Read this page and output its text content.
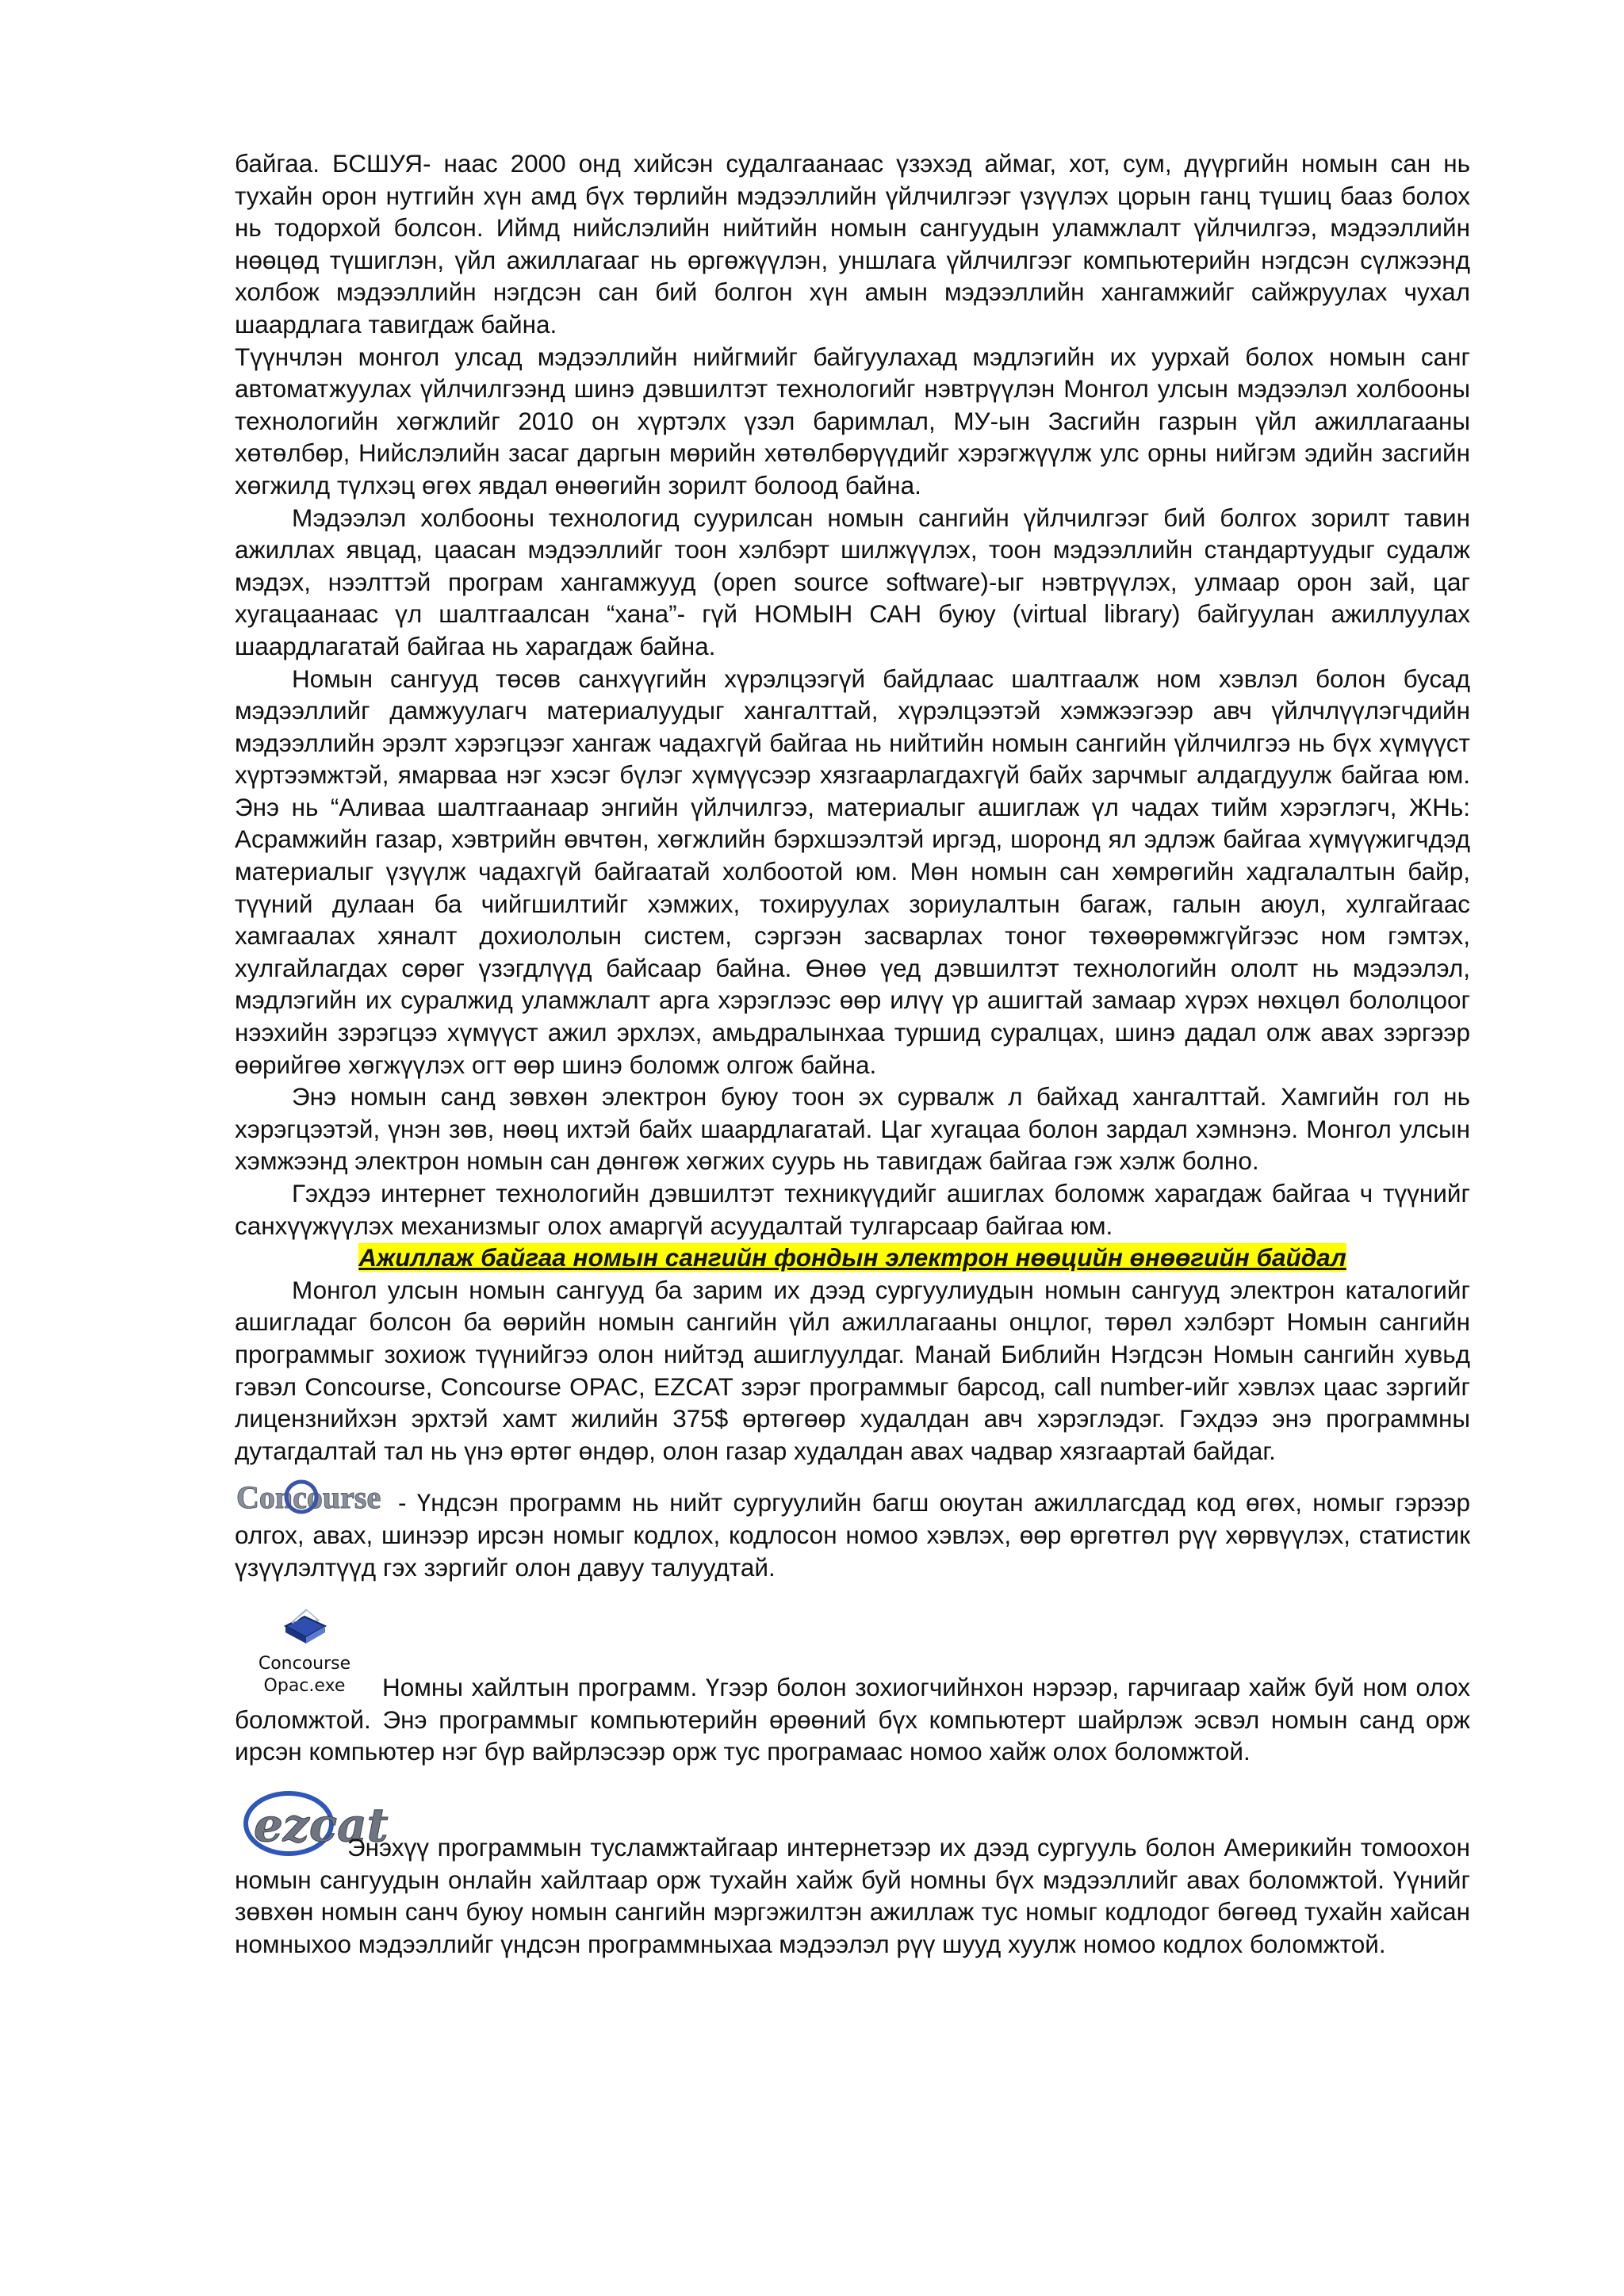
байгаа. БСШУЯ- наас 2000 онд хийсэн судалгаанаас үзэхэд аймаг, хот, сум, дүүргийн номын сан нь тухайн орон нутгийн хүн амд бүх төрлийн мэдээллийн үйлчилгээг үзүүлэх цорын ганц түшиц бааз болох нь тодорхой болсон. Иймд нийслэлийн нийтийн номын сангуудын уламжлалт үйлчилгээ, мэдээллийн нөөцөд түшиглэн, үйл ажиллагааг нь өргөжүүлэн, уншлага үйлчилгээг компьютерийн нэгдсэн сүлжээнд холбож мэдээллийн нэгдсэн сан бий болгон хүн амын мэдээллийн хангамжийг сайжруулах чухал шаардлага тавигдаж байна.

Түүнчлэн монгол улсад мэдээллийн нийгмийг байгуулахад мэдлэгийн их уурхай болох номын санг автоматжуулах үйлчилгээнд шинэ дэвшилтэт технологийг нэвтрүүлэн Монгол улсын мэдээлэл холбооны технологийн хөгжлийг 2010 он хүртэлх үзэл баримлал, МУ-ын Засгийн газрын үйл ажиллагааны хөтөлбөр, Нийслэлийн засаг даргын мөрийн хөтөлбөрүүдийг хэрэгжүүлж улс орны нийгэм эдийн засгийн хөгжилд түлхэц өгөх явдал өнөөгийн зорилт болоод байна.

Мэдээлэл холбооны технологид суурилсан номын сангийн үйлчилгээг бий болгох зорилт тавин ажиллах явцад, цаасан мэдээллийг тоон хэлбэрт шилжүүлэх, тоон мэдээллийн стандартуудыг судалж мэдэх, нээлттэй програм хангамжууд (open source software)-ыг нэвтрүүлэх, улмаар орон зай, цаг хугацаанаас үл шалтгаалсан “хана”- гүй НОМЫН САН буюу (virtual library) байгуулан ажиллуулах шаардлагатай байгаа нь харагдаж байна.

Номын сангууд төсөв санхүүгийн хүрэлцээгүй байдлаас шалтгаалж ном хэвлэл болон бусад мэдээллийг дамжуулагч материалуудыг хангалттай, хүрэлцээтэй хэмжээгээр авч үйлчлүүлэгчдийн мэдээллийн эрэлт хэрэгцээг хангаж чадахгүй байгаа нь нийтийн номын сангийн үйлчилгээ нь бүх хүмүүст хүртээмжтэй, ямарваа нэг хэсэг бүлэг хүмүүсээр хязгаарлагдахгүй байх зарчмыг алдагдуулж байгаа юм. Энэ нь “Аливаа шалтгаанаар энгийн үйлчилгээ, материалыг ашиглаж үл чадах тийм хэрэглэгч, ЖНь: Асрамжийн газар, хэвтрийн өвчтөн, хөгжлийн бэрхшээлтэй иргэд, шоронд ял эдлэж байгаа хүмүүжигчдэд материалыг үзүүлж чадахгүй байгаатай холбоотой юм. Мөн номын сан хөмрөгийн хадгалалтын байр, түүний дулаан ба чийгшилтийг хэмжих, тохируулах зориулалтын багаж, галын аюул, хулгайгаас хамгаалах хяналт дохиололын систем, сэргээн засварлах тоног төхөөрөмжгүйгээс ном гэмтэх, хулгайлагдах сөрөг үзэгдлүүд байсаар байна. Өнөө үед дэвшилтэт технологийн ололт нь мэдээлэл, мэдлэгийн их суралжид уламжлалт арга хэрэглээс өөр илүү үр ашигтай замаар хүрэх нөхцөл бололцоог нээхийн зэрэгцээ хүмүүст ажил эрхлэх, амьдралынхаа туршид суралцах, шинэ дадал олж авах зэргээр өөрийгөө хөгжүүлэх огт өөр шинэ боломж олгож байна.

Энэ номын санд зөвхөн электрон буюу тоон эх сурвалж л байхад хангалттай. Хамгийн гол нь хэрэгцээтэй, үнэн зөв, нөөц ихтэй байх шаардлагатай. Цаг хугацаа болон зардал хэмнэнэ. Монгол улсын хэмжээнд электрон номын сан дөнгөж хөгжих суурь нь тавигдаж байгаа гэж хэлж болно.

Гэхдээ интернет технологийн дэвшилтэт техникүүдийг ашиглах боломж харагдаж байгаа ч түүнийг санхүүжүүлэх механизмыг олох амаргүй асуудалтай тулгарсаар байгаа юм.

Ажиллаж байгаа номын сангийн фондын электрон нөөцийн өнөөгийн байдал

Монгол улсын номын сангууд ба зарим их дээд сургуулиудын номын сангууд электрон каталогийг ашигладаг болсон ба өөрийн номын сангийн үйл ажиллагааны онцлог, төрөл хэлбэрт Номын сангийн программыг зохиож түүнийгээ олон нийтэд ашиглуулдаг. Манай Библийн Нэгдсэн Номын сангийн хувьд гэвэл Concourse, Concourse OPAC, EZCAT зэрэг программыг барсод, call number-ийг хэвлэх цаас зэргийг лицензнийхэн эрхтэй хамт жилийн 375$ өртөгөөр худалдан авч хэрэглэдэг. Гэхдээ энэ программны дутагдалтай тал нь үнэ өртөг өндөр, олон газар худалдан авах чадвар хязгаартай байдаг.

Concourse - Үндсэн программ нь нийт сургуулийн багш оюутан ажиллагсдад код өгөх, номыг гэрээр олгох, авах, шинээр ирсэн номыг кодлох, кодлосон номоо хэвлэх, өөр өргөтгөл рүү хөрвүүлэх, статистик үзүүлэлтүүд гэх зэргийг олон давуу талуудтай.

Concourse
Opac.exe	Номны хайлтын программ. Үгээр болон зохиогчийнхон нэрээр, гарчигаар хайж буй ном олох боломжтой. Энэ программыг компьютерийн өрөөний бүх компьютерт шайрлэж эсвэл номын санд орж ирсэн компьютер нэг бүр вайрлэсээр орж тус програмаас номоо хайж олох боломжтой.

ezcat

Энэхүү программын тусламжтайгаар интернетээр их дээд сургууль болон Америкийн томоохон номын сангуудын онлайн хайлтаар орж тухайн хайж буй номны бүх мэдээллийг авах боломжтой. Үүнийг зөвхөн номын санч буюу номын сангийн мэргэжилтэн ажиллаж тус номыг кодлодог бөгөөд тухайн хайсан номныхоо мэдээллийг үндсэн программныхаа мэдээлэл рүү шууд хуулж номоо кодлох боломжтой.
